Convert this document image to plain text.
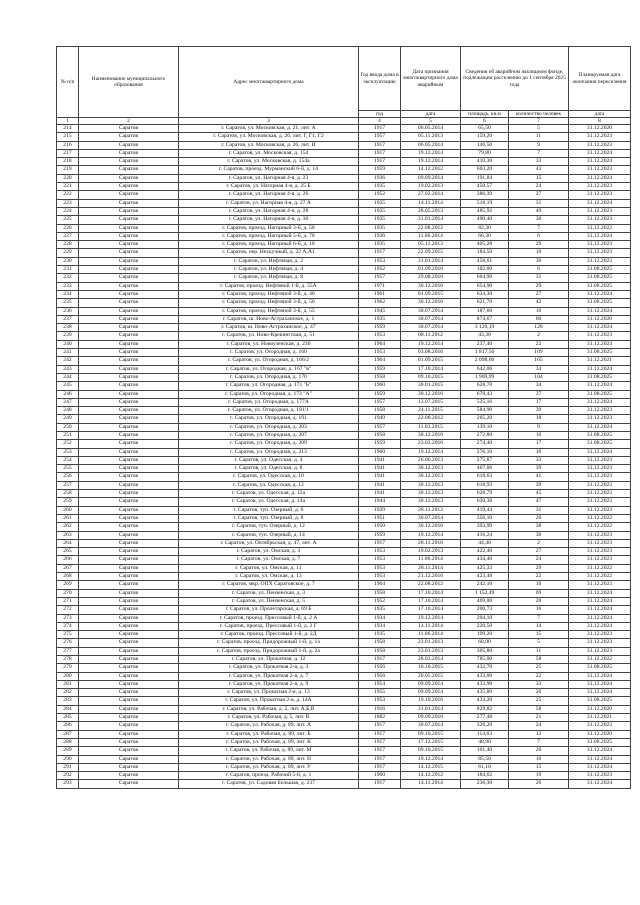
№ п/п	Наименование муниципального образования	Адрес многоквартирного дома	Год ввода дома в эксплуатацию	Дата признания многоквартирного дома аварийным	Сведения об аварийном жилищном фонде, подлежащем расселению до 1 сентября 2025 года		Планируемая дата окончания переселения
			год	дата	площадь, кв.м	количество человек	дата
1	2	3	4	5	6	7	8
214	Саратов	г. Саратов, ул. Московская, д. 21, лит. А	1917	06.05.2014	65,50	5	31.12.2020
215	Саратов	г. Саратов, ул. Московская, д. 26, лит. Г, Г1, Г2	1957	05.11.2013	159,20	11	31.12.2023
216	Саратов	г. Саратов, ул. Московская, д. 26, лит. И	1917	06.05.2014	146,50	9	31.12.2023
217	Саратов	г. Саратов, ул. Московская, д. 154	1917	19.12.2014	79,80	7	31.12.2024
218	Саратов	г. Саратов, ул. Московская, д. 154а	1917	19.12.2014	410,30	33	31.12.2024
219	Саратов	г. Саратов, проезд. Мурманский 6-й, д. 14	1959	14.12.2012	603,20	43	31.12.2023
220	Саратов	г. Саратов, ул. Нагорная 4-я, д. 23	1936	09.09.2014	191,84	15	31.12.2024
221	Саратов	г. Саратов, ул. Нагорная 4-я, д. 25 Б	1935	19.02.2013	450,57	24	31.12.2023
222	Саратов	г. Саратов, ул. Нагорная 4-я, д. 26	1952	27.02.2014	386,39	27	31.12.2023
223	Саратов	г. Саратов, ул. Нагорная 4-я, д. 27 А	1935	14.11.2014	518,19	31	31.12.2024
224	Саратов	г. Саратов, ул. Нагорная 4-я, д. 28	1935	28.05.2013	485,92	49	31.12.2023
225	Саратов	г. Саратов, ул. Нагорная 4-я, д. 30	1935	31.01.2014	490,40	30	31.12.2023
226	Саратов	г. Саратов, проезд. Нагорный 3-й, д. 58	1935	22.08.2012	82,30	7	31.12.2022
227	Саратов	г. Саратов, проезд. Нагорный 5-й, д. 78	1936	11.06.2014	66,30	6	31.12.2024
228	Саратов	г. Саратов, проезд. Нагорный 6-й, д. 18	1935	05.11.2013	405,28	29	31.12.2023
229	Саратов	г. Саратов, пер. Нескучный, д. 22 А,А1	1917	22.09.2015	184,50	10	31.12.2023
230	Саратов	г. Саратов, ул. Нефтяная, д. 2	1953	31.01.2014	458,61	30	31.12.2023
231	Саратов	г. Саратов, ул. Нефтяная, д. 4	1952	01.09.2016	102,00	6	31.08.2025
232	Саратов	г. Саратов, ул. Нефтяная, д. 8	1957	29.08.2016	604,90	31	31.08.2025
233	Саратов	г. Саратов, проезд. Нефтяной 1-й, д. 55А	1971	30.12.2016	654,90	29	31.08.2025
234	Саратов	г. Саратов, проезд. Нефтяной 3-й, д. 40	1961	01.09.2015	634,30	27	31.12.2024
235	Саратов	г. Саратов, проезд. Нефтяной 3-й, д. 50	1962	30.12.2016	621,70	42	31.08.2025
236	Саратов	г. Саратов, проезд. Нефтяной 3-й, д. 55	1945	30.07.2014	187,60	10	31.12.2024
237	Саратов	г. Саратов, ш. Ново-Астраханское, д. 1	1935	30.07.2014	874,67	60	31.12.2020
238	Саратов	г. Саратов, ш. Ново-Астраханское, д. 47	1959	30.07.2014	3 120,19	128	31.12.2024
239	Саратов	г. Саратов, ул. Ново-Крекингская, д. 51	1953	08.11.2012	43,30	2	31.12.2023
240	Саратов	г. Саратов, ул. Новоузенская, д. 230	1964	19.12.2014	237,40	22	31.12.2024
241	Саратов	г. Саратов, ул. Огородная, д. 160	1953	03.08.2016	1 817,50	109	31.08.2025
242	Саратов	г. Саратов, ул. Огородная, д. 166/2	1964	01.09.2015	2 098,60	165	31.12.2021
243	Саратов	г. Саратов, ул. Огородная, д. 167 "в"	1959	17.10.2014	642,06	34	31.12.2024
244	Саратов	г. Саратов, ул. Огородная, д. 170	1958	09.10.2015	1 969,99	104	31.08.2025
245	Саратов	г. Саратов, ул. Огородная, д. 171 "Б"	1960	30.01.2015	628,70	34	31.12.2024
246	Саратов	г. Саратов, ул. Огородная, д. 173 "А"	1959	30.12.2016	678,43	37	31.08.2025
247	Саратов	г. Саратов, ул. Огородная, д. 177А	1957	13.07.2015	525,16	17	31.12.2024
248	Саратов	г. Саратов, ул. Огородная, д. 181/1	1958	24.11.2015	584,90	39	31.12.2023
249	Саратов	г. Саратов, ул. Огородная, д. 191	1949	22.08.2012	265,20	18	31.12.2023
250	Саратов	г. Саратов, ул. Огородная, д. 203	1957	11.03.2015	139,10	9	31.12.2024
251	Саратов	г. Саратов, ул. Огородная, д. 207	1958	30.12.2016	272,80	16	31.08.2025
252	Саратов	г. Саратов, ул. Огородная, д. 209	1959	23.03.2016	274,40	17	31.08.2025
253	Саратов	г. Саратов, ул. Огородная, д. 213	1960	19.12.2014	276,10	16	31.12.2024
254	Саратов	г. Саратов, ул. Одесская, д. 4	1941	26.06.2013	275,87	33	31.12.2023
255	Саратов	г. Саратов, ул. Одесская, д. 8	1941	30.12.2013	467,06	39	31.12.2023
256	Саратов	г. Саратов, ул. Одесская, д. 10	1941	30.12.2013	618,63	41	31.12.2023
257	Саратов	г. Саратов, ул. Одесская, д. 12	1941	30.12.2013	618,93	39	31.12.2023
258	Саратов	г. Саратов, ул. Одесская, д. 12а	1941	30.12.2013	628,79	45	31.12.2023
259	Саратов	г. Саратов, ул. Одесская, д. 14а	1944	30.12.2013	630,38	47	31.12.2023
260	Саратов	г. Саратов, туп. Озерный, д. 6	1939	28.11.2013	419,44	31	31.12.2023
261	Саратов	г. Саратов, туп. Озерный, д. 8	1951	30.07.2014	356,10	20	31.12.2022
262	Саратов	г. Саратов, туп. Озерный, д. 12	1950	30.12.2016	393,99	38	31.12.2022
263	Саратов	г. Саратов, туп. Озерный, д. 14	1959	19.12.2014	416,24	30	31.12.2023
264	Саратов	г. Саратов, ул. Октябрьская, д. 47, лит. А	1917	28.11.2016	44,40	2	31.12.2023
265	Саратов	г. Саратов, ул. Омская, д. 3	1953	19.02.2013	422,40	27	31.12.2023
266	Саратов	г. Саратов, ул. Омская, д. 7	1953	11.06.2014	434,40	24	31.12.2023
267	Саратов	г. Саратов, ул. Омская, д. 11	1953	28.11.2014	425,33	29	31.12.2022
268	Саратов	г. Саратов, ул. Омская, д. 13	1953	21.12.2016	423,48	22	31.12.2022
269	Саратов	г. Саратов, мкр. ОПХ Саратовское, д. 7	1964	22.08.2012	242,10	10	31.12.2023
270	Саратов	г. Саратов, ул. Пензенская, д. 3	1958	17.10.2014	1 152,49	69	31.12.2024
271	Саратов	г. Саратов, ул. Пензенская, д. 5	1952	17.10.2014	469,00	20	31.12.2024
272	Саратов	г. Саратов, ул. Пролетарская, д. 69 Б	1935	17.10.2014	200,73	16	31.12.2024
273	Саратов	г. Саратов, проезд. Прессовый 1-й, д. 2 А	1934	19.12.2014	204,10	7	31.12.2024
274	Саратов	г. Саратов, проезд. Прессовый 1-й, д. 2 Г	1934	14.11.2014	220,50	14	31.12.2024
275	Саратов	г. Саратов, проезд. Прессовый 1-й, д. 2Д	1935	11.06.2014	199,20	15	31.12.2023
276	Саратов	г. Саратов, проезд. Придорожный 1-й, д. 1а	1958	23.01.2013	68,00	5	31.12.2023
277	Саратов	г. Саратов, проезд. Придорожный 1-й, д. 2а	1958	23.01.2013	305,80	11	31.12.2023
278	Саратов	г. Саратов, ул. Прокатная, д. 12	1917	28.03.2014	785,00	58	31.12.2022
279	Саратов	г. Саратов, ул. Прокатная 2-я, д. 3	1956	16.10.2015	432,70	25	31.08.2025
280	Саратов	г. Саратов, ул. Прокатная 2-я, д. 7	1956	20.05.2015	433,00	22	31.12.2024
281	Саратов	г. Саратов, ул. Прокатная 2-я, д. 9	1954	09.09.2014	433,90	33	31.12.2024
282	Саратов	г. Саратов, ул. Прокатная 2-я, д. 13	1955	09.09.2014	435,80	20	31.12.2024
283	Саратов	г. Саратов, ул. Прокатная 2-я, д. 14А	1953	19.10.2016	433,20	25	31.08.2025
284	Саратов	г. Саратов, ул. Рабочая, д. 2, лит. А,Б,В	1916	31.01.2014	829,82	58	31.12.2020
285	Саратов	г. Саратов, ул. Рабочая, д. 5, лит. В	1882	09.09.2016	277,48	21	31.12.2021
286	Саратов	г. Саратов, ул. Рабочая, д. 89, лит. А	1917	30.07.2014	326,20	24	31.12.2023
287	Саратов	г. Саратов, ул. Рабочая, д. 89, лит. Б	1917	09.10.2015	114,63	12	31.12.2020
288	Саратов	г. Саратов, ул. Рабочая, д. 89, лит. К	1917	17.12.2015	48,90	7	31.08.2025
289	Саратов	г. Саратов, ул. Рабочая, д. 89, лит. М	1917	09.10.2015	101,40	20	31.12.2024
290	Саратов	г. Саратов, ул. Рабочая, д. 89, лит. Н	1917	19.12.2014	85,50	16	31.12.2024
291	Саратов	г. Саратов, ул. Рабочая, д. 89, лит. У	1917	14.12.2015	61,10	15	31.12.2024
292	Саратов	г. Саратов, проезд. Рабочий 5-й, д. 1	1960	14.12.2012	184,62	19	31.12.2023
293	Саратов	г. Саратов, ул. Садовая Большая, д. 237	1917	14.11.2014	236,30	26	31.12.2024
